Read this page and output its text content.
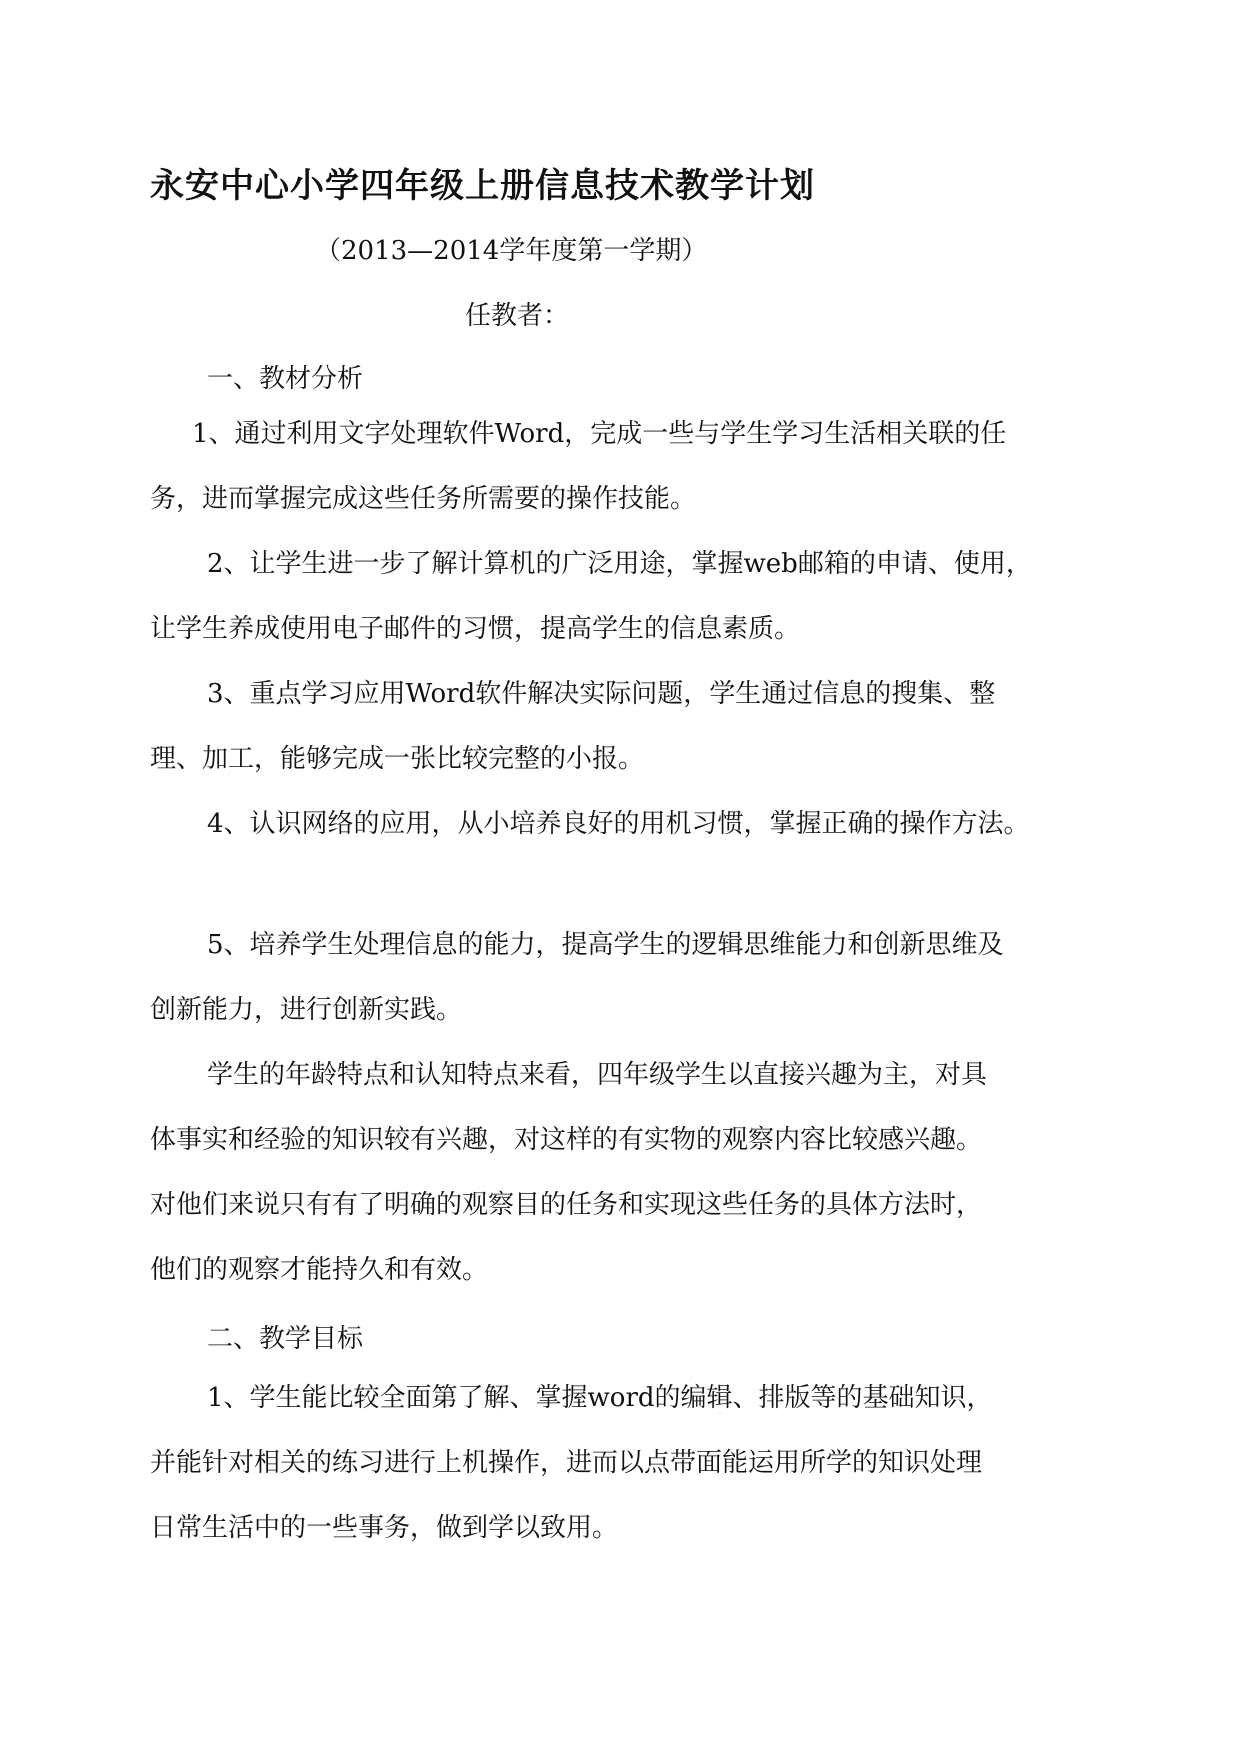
永安中心小学四年级上册信息技术教学计划
（2013—2014学年度第一学期）
任教者：
一、教材分析
1、通过利用文字处理软件Word，完成一些与学生学习生活相关联的任
务，进而掌握完成这些任务所需要的操作技能。
2、让学生进一步了解计算机的广泛用途，掌握web邮箱的申请、使用，
让学生养成使用电子邮件的习惯，提高学生的信息素质。
3、重点学习应用Word软件解决实际问题，学生通过信息的搜集、整
理、加工，能够完成一张比较完整的小报。
4、认识网络的应用，从小培养良好的用机习惯，掌握正确的操作方法。
5、培养学生处理信息的能力，提高学生的逻辑思维能力和创新思维及
创新能力，进行创新实践。
学生的年龄特点和认知特点来看，四年级学生以直接兴趣为主，对具
体事实和经验的知识较有兴趣，对这样的有实物的观察内容比较感兴趣。
对他们来说只有有了明确的观察目的任务和实现这些任务的具体方法时，
他们的观察才能持久和有效。
二、教学目标
1、学生能比较全面第了解、掌握word的编辑、排版等的基础知识，
并能针对相关的练习进行上机操作，进而以点带面能运用所学的知识处理
日常生活中的一些事务，做到学以致用。
